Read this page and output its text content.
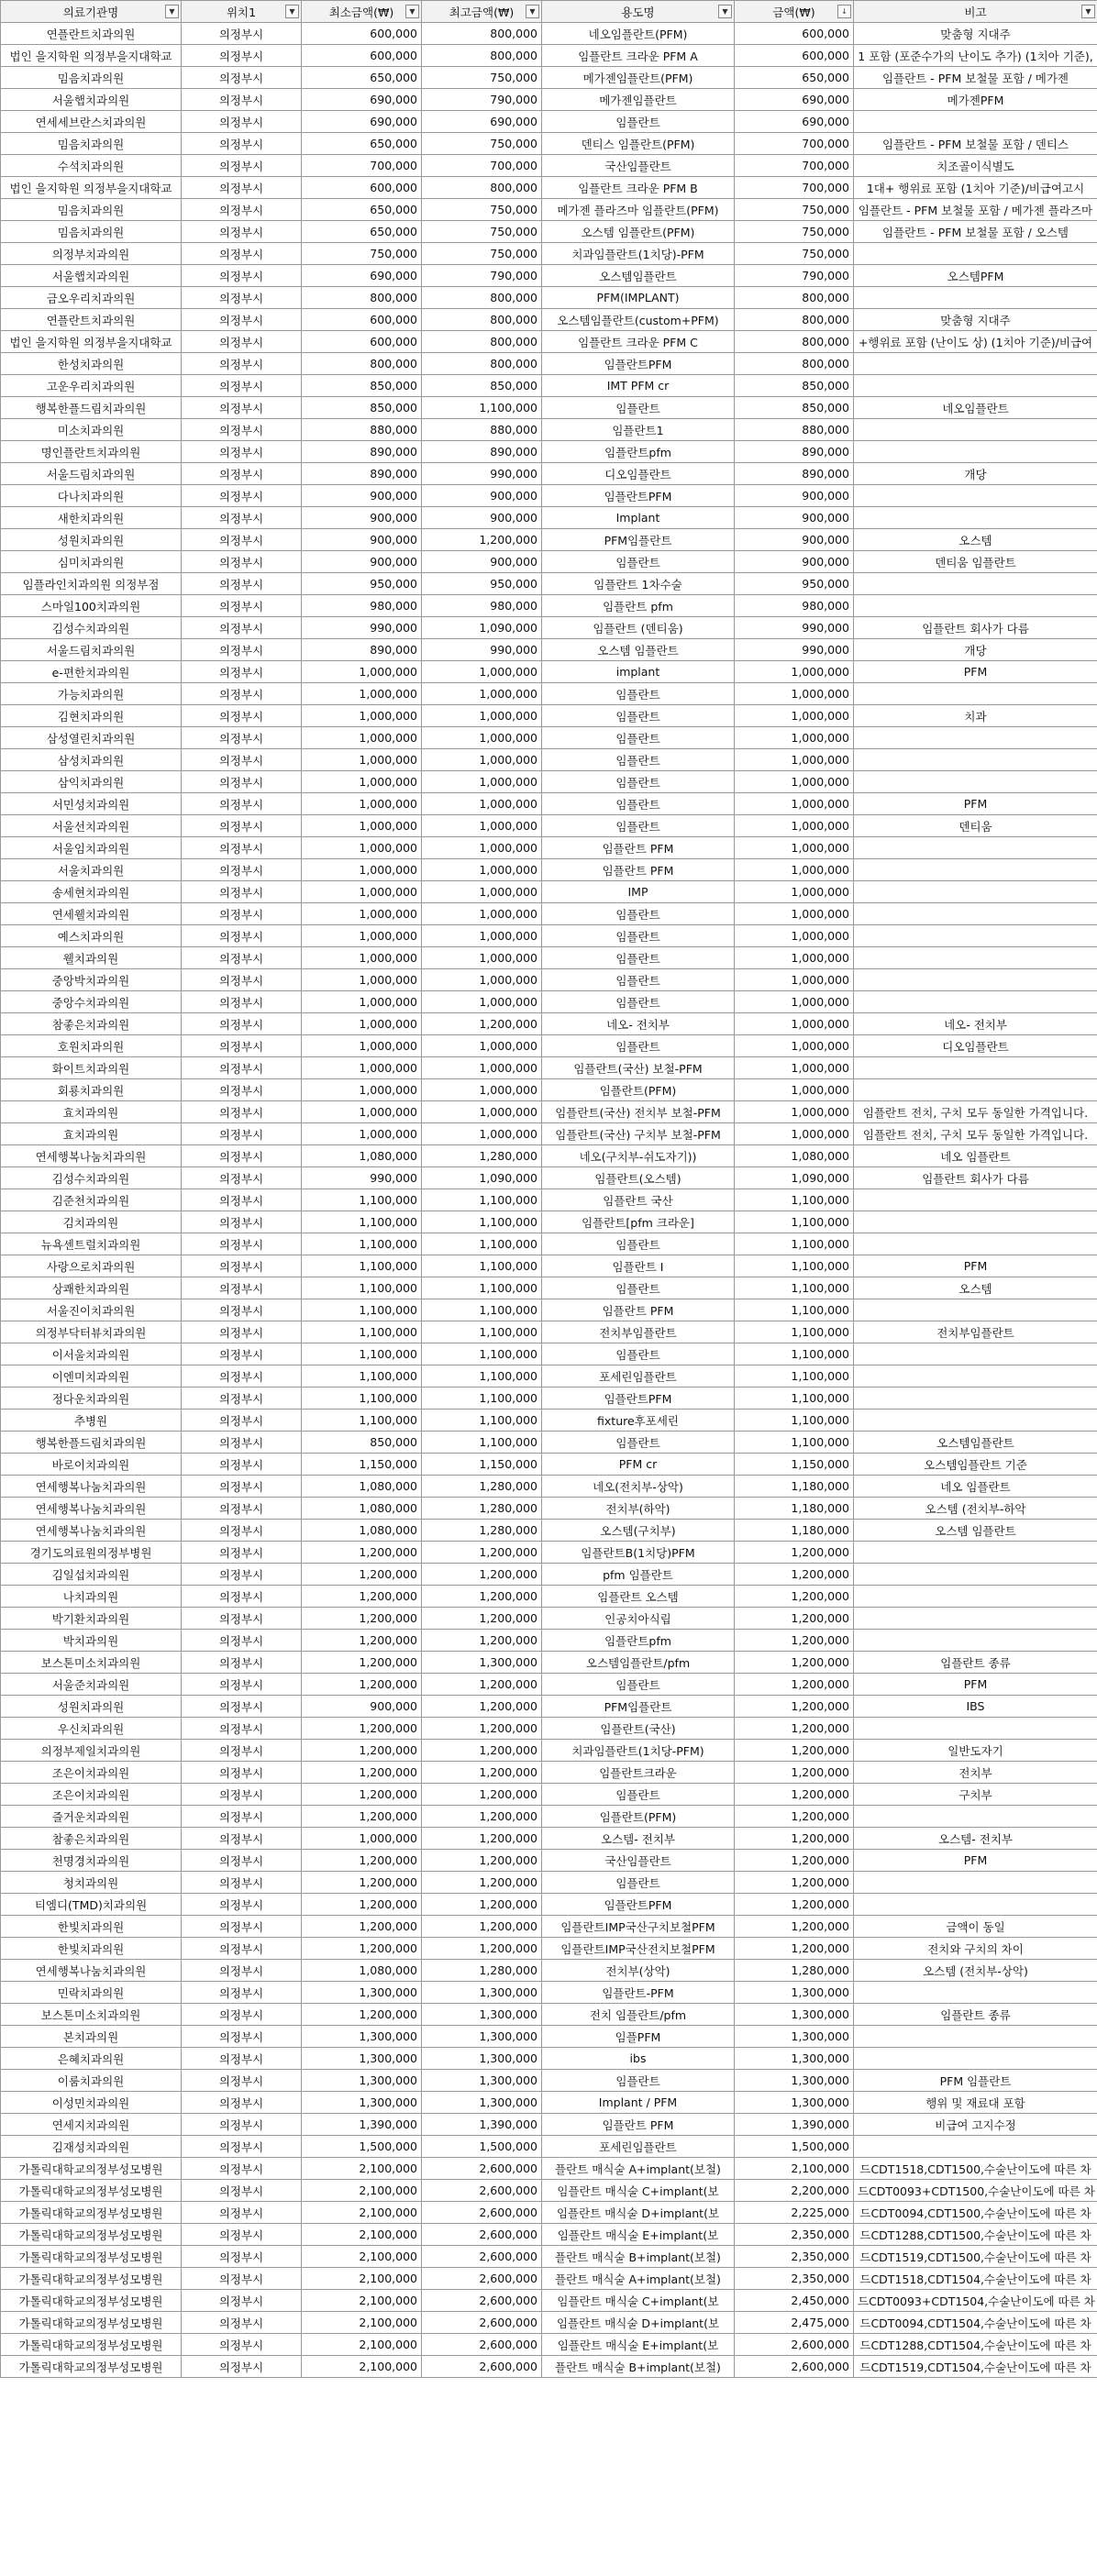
의료기관명 ▼	위치1 ▼	최소금액(₩) ▼	최고금액(₩) ▼	용도명 ▼	금액(₩) ↓	비고 ▼

연플란트치과의원	의정부시	600,000	800,000	네오임플란트(PFM)	600,000	맞춤형 지대주
법인 을지학원 의정부을지대학교	의정부시	600,000	800,000	임플란트 크라운 PFM A	600,000	1 포함 (포준수가의 난이도 추가) (1치아 기준),
밈음치과의원	의정부시	650,000	750,000	메가젠임플란트(PFM)	650,000	임플란트 - PFM 보철물 포함 / 메가젠
서울햅치과의원	의정부시	690,000	790,000	메가젠임플란트	690,000	메가젠PFM
연세세브란스치과의원	의정부시	690,000	690,000	임플란트	690,000	
밈음치과의원	의정부시	650,000	750,000	덴티스 임플란트(PFM)	700,000	임플란트 - PFM 보철물 포함 / 덴티스
수석치과의원	의정부시	700,000	700,000	국산임플란트	700,000	치조골이식별도
법인 을지학원 의정부을지대학교	의정부시	600,000	800,000	임플란트 크라운 PFM B	700,000	1대+ 행위료 포함 (1치아 기준)/비급여고시
밈음치과의원	의정부시	650,000	750,000	메가젠 플라즈마 임플란트(PFM)	750,000	임플란트 - PFM 보철물 포함 / 메가젠 플라즈마
밈음치과의원	의정부시	650,000	750,000	오스템 임플란트(PFM)	750,000	임플란트 - PFM 보철물 포함 / 오스템
의정부치과의원	의정부시	750,000	750,000	치과임플란트(1치당)-PFM	750,000	
서울햅치과의원	의정부시	690,000	790,000	오스템임플란트	790,000	오스템PFM
금오우리치과의원	의정부시	800,000	800,000	PFM(IMPLANT)	800,000	
연플란트치과의원	의정부시	600,000	800,000	오스템임플란트(custom+PFM)	800,000	맞춤형 지대주
법인 을지학원 의정부을지대학교	의정부시	600,000	800,000	임플란트 크라운 PFM C	800,000	+행위료 포함 (난이도 상) (1치아 기준)/비급여
한성치과의원	의정부시	800,000	800,000	임플란트PFM	800,000	
고운우리치과의원	의정부시	850,000	850,000	IMT PFM cr	850,000	
행복한플드림치과의원	의정부시	850,000	1,100,000	임플란트	850,000	네오임플란트
미소치과의원	의정부시	880,000	880,000	임플란트1	880,000	
명인플란트치과의원	의정부시	890,000	890,000	임플란트pfm	890,000	
서울드림치과의원	의정부시	890,000	990,000	디오임플란트	890,000	개당
다나치과의원	의정부시	900,000	900,000	임플란트PFM	900,000	
새한치과의원	의정부시	900,000	900,000	Implant	900,000	
성원치과의원	의정부시	900,000	1,200,000	PFM임플란트	900,000	오스템
심미치과의원	의정부시	900,000	900,000	임플란트	900,000	덴티움 임플란트
임플라인치과의원 의정부점	의정부시	950,000	950,000	임플란트 1차수술	950,000	
스마일100치과의원	의정부시	980,000	980,000	임플란트 pfm	980,000	
김성수치과의원	의정부시	990,000	1,090,000	임플란트 (덴티움)	990,000	임플란트 회사가 다름
서울드림치과의원	의정부시	890,000	990,000	오스템 임플란트	990,000	개당
e-편한치과의원	의정부시	1,000,000	1,000,000	implant	1,000,000	PFM
가능치과의원	의정부시	1,000,000	1,000,000	임플란트	1,000,000	
김현치과의원	의정부시	1,000,000	1,000,000	임플란트	1,000,000	치과
삼성열린치과의원	의정부시	1,000,000	1,000,000	임플란트	1,000,000	
삼성치과의원	의정부시	1,000,000	1,000,000	임플란트	1,000,000	
삼익치과의원	의정부시	1,000,000	1,000,000	임플란트	1,000,000	
서민성치과의원	의정부시	1,000,000	1,000,000	임플란트	1,000,000	PFM
서울선치과의원	의정부시	1,000,000	1,000,000	임플란트	1,000,000	덴티움
서울임치과의원	의정부시	1,000,000	1,000,000	임플란트 PFM	1,000,000	
서울치과의원	의정부시	1,000,000	1,000,000	임플란트 PFM	1,000,000	
송세현치과의원	의정부시	1,000,000	1,000,000	IMP	1,000,000	
연세웰치과의원	의정부시	1,000,000	1,000,000	임플란트	1,000,000	
예스치과의원	의정부시	1,000,000	1,000,000	임플란트	1,000,000	
웰치과의원	의정부시	1,000,000	1,000,000	임플란트	1,000,000	
중앙박치과의원	의정부시	1,000,000	1,000,000	임플란트	1,000,000	
중앙수치과의원	의정부시	1,000,000	1,000,000	임플란트	1,000,000	
참좋은치과의원	의정부시	1,000,000	1,200,000	네오- 전치부	1,000,000	네오- 전치부
호원치과의원	의정부시	1,000,000	1,000,000	임플란트	1,000,000	디오임플란트
화이트치과의원	의정부시	1,000,000	1,000,000	임플란트(국산) 보철-PFM	1,000,000	
회룡치과의원	의정부시	1,000,000	1,000,000	임플란트(PFM)	1,000,000	
효치과의원	의정부시	1,000,000	1,000,000	임플란트(국산) 전치부 보철-PFM	1,000,000	임플란트 전치, 구치 모두 동일한 가격입니다.
효치과의원	의정부시	1,000,000	1,000,000	임플란트(국산) 구치부 보철-PFM	1,000,000	임플란트 전치, 구치 모두 동일한 가격입니다.
연세행복나눔치과의원	의정부시	1,080,000	1,280,000	네오(구치부-쉬도자기))	1,080,000	네오 임플란트
김성수치과의원	의정부시	990,000	1,090,000	임플란트(오스템)	1,090,000	임플란트 회사가 다름
김준천치과의원	의정부시	1,100,000	1,100,000	임플란트 국산	1,100,000	
김치과의원	의정부시	1,100,000	1,100,000	임플란트[pfm 크라운]	1,100,000	
뉴욕센트럴치과의원	의정부시	1,100,000	1,100,000	임플란트	1,100,000	
사랑으로치과의원	의정부시	1,100,000	1,100,000	임플란트 I	1,100,000	PFM
상쾌한치과의원	의정부시	1,100,000	1,100,000	임플란트	1,100,000	오스템
서울진이치과의원	의정부시	1,100,000	1,100,000	임플란트 PFM	1,100,000	
의정부닥터뷰치과의원	의정부시	1,100,000	1,100,000	전치부임플란트	1,100,000	전치부임플란트
이서울치과의원	의정부시	1,100,000	1,100,000	임플란트	1,100,000	
이엔미치과의원	의정부시	1,100,000	1,100,000	포세린임플란트	1,100,000	
정다운치과의원	의정부시	1,100,000	1,100,000	임플란트PFM	1,100,000	
추병원	의정부시	1,100,000	1,100,000	fixture후포세린	1,100,000	
행복한플드림치과의원	의정부시	850,000	1,100,000	임플란트	1,100,000	오스템임플란트
바로이치과의원	의정부시	1,150,000	1,150,000	PFM cr	1,150,000	오스템임플란트 기준
연세행복나눔치과의원	의정부시	1,080,000	1,280,000	네오(전치부-상악)	1,180,000	네오 임플란트
연세행복나눔치과의원	의정부시	1,080,000	1,280,000	전치부(하악)	1,180,000	오스템 (전치부-하악
연세행복나눔치과의원	의정부시	1,080,000	1,280,000	오스템(구치부)	1,180,000	오스템 임플란트
경기도의료원의정부병원	의정부시	1,200,000	1,200,000	임플란트B(1치당)PFM	1,200,000	
김일섭치과의원	의정부시	1,200,000	1,200,000	pfm 임플란트	1,200,000	
나치과의원	의정부시	1,200,000	1,200,000	임플란트 오스템	1,200,000	
박기환치과의원	의정부시	1,200,000	1,200,000	인공치아식립	1,200,000	
박치과의원	의정부시	1,200,000	1,200,000	임플란트pfm	1,200,000	
보스톤미소치과의원	의정부시	1,200,000	1,300,000	오스템임플란트/pfm	1,200,000	임플란트 종류
서울준치과의원	의정부시	1,200,000	1,200,000	임플란트	1,200,000	PFM
성원치과의원	의정부시	900,000	1,200,000	PFM임플란트	1,200,000	IBS
우신치과의원	의정부시	1,200,000	1,200,000	임플란트(국산)	1,200,000	
의정부제일치과의원	의정부시	1,200,000	1,200,000	치과임플란트(1치당-PFM)	1,200,000	일반도자기
조은이치과의원	의정부시	1,200,000	1,200,000	임플란트크라운	1,200,000	전치부
조은이치과의원	의정부시	1,200,000	1,200,000	임플란트	1,200,000	구치부
즐거운치과의원	의정부시	1,200,000	1,200,000	임플란트(PFM)	1,200,000	
참좋은치과의원	의정부시	1,000,000	1,200,000	오스템- 전치부	1,200,000	오스템- 전치부
천명경치과의원	의정부시	1,200,000	1,200,000	국산임플란트	1,200,000	PFM
청치과의원	의정부시	1,200,000	1,200,000	임플란트	1,200,000	
티엠디(TMD)치과의원	의정부시	1,200,000	1,200,000	임플란트PFM	1,200,000	
한빛치과의원	의정부시	1,200,000	1,200,000	임플란트IMP국산구치보철PFM	1,200,000	금액이 동일
한빛치과의원	의정부시	1,200,000	1,200,000	임플란트IMP국산전치보철PFM	1,200,000	전치와 구치의 차이
연세행복나눔치과의원	의정부시	1,080,000	1,280,000	전치부(상악)	1,280,000	오스템 (전치부-상악)
민락치과의원	의정부시	1,300,000	1,300,000	임플란트-PFM	1,300,000	
보스톤미소치과의원	의정부시	1,200,000	1,300,000	전치 임플란트/pfm	1,300,000	임플란트 종류
본치과의원	의정부시	1,300,000	1,300,000	임플PFM	1,300,000	
은혜치과의원	의정부시	1,300,000	1,300,000	ibs	1,300,000	
이룸치과의원	의정부시	1,300,000	1,300,000	임플란트	1,300,000	PFM 임플란트
이성민치과의원	의정부시	1,300,000	1,300,000	Implant / PFM	1,300,000	행위 및 재료대 포함
연세지치과의원	의정부시	1,390,000	1,390,000	임플란트 PFM	1,390,000	비급여 고지수정
김재성치과의원	의정부시	1,500,000	1,500,000	포세린임플란트	1,500,000	
가톨릭대학교의정부성모병원	의정부시	2,100,000	2,600,000	플란트 매식술 A+implant(보철)	2,100,000	드CDT1518,CDT1500,수술난이도에 따른 차
가톨릭대학교의정부성모병원	의정부시	2,100,000	2,600,000	임플란트 매식술 C+implant(보	2,200,000	드CDT0093+CDT1500,수술난이도에 따른 차
가톨릭대학교의정부성모병원	의정부시	2,100,000	2,600,000	임플란트 매식술 D+implant(보	2,225,000	드CDT0094,CDT1500,수술난이도에 따른 차
가톨릭대학교의정부성모병원	의정부시	2,100,000	2,600,000	임플란트 매식술 E+implant(보	2,350,000	드CDT1288,CDT1500,수술난이도에 따른 차
가톨릭대학교의정부성모병원	의정부시	2,100,000	2,600,000	플란트 매식술 B+implant(보철)	2,350,000	드CDT1519,CDT1500,수술난이도에 따른 차
가톨릭대학교의정부성모병원	의정부시	2,100,000	2,600,000	플란트 매식술 A+implant(보철)	2,350,000	드CDT1518,CDT1504,수술난이도에 따른 차
가톨릭대학교의정부성모병원	의정부시	2,100,000	2,600,000	임플란트 매식술 C+implant(보	2,450,000	드CDT0093+CDT1504,수술난이도에 따른 차
가톨릭대학교의정부성모병원	의정부시	2,100,000	2,600,000	임플란트 매식술 D+implant(보	2,475,000	드CDT0094,CDT1504,수술난이도에 따른 차
가톨릭대학교의정부성모병원	의정부시	2,100,000	2,600,000	임플란트 매식술 E+implant(보	2,600,000	드CDT1288,CDT1504,수술난이도에 따른 차
가톨릭대학교의정부성모병원	의정부시	2,100,000	2,600,000	플란트 매식술 B+implant(보철)	2,600,000	드CDT1519,CDT1504,수술난이도에 따른 차
